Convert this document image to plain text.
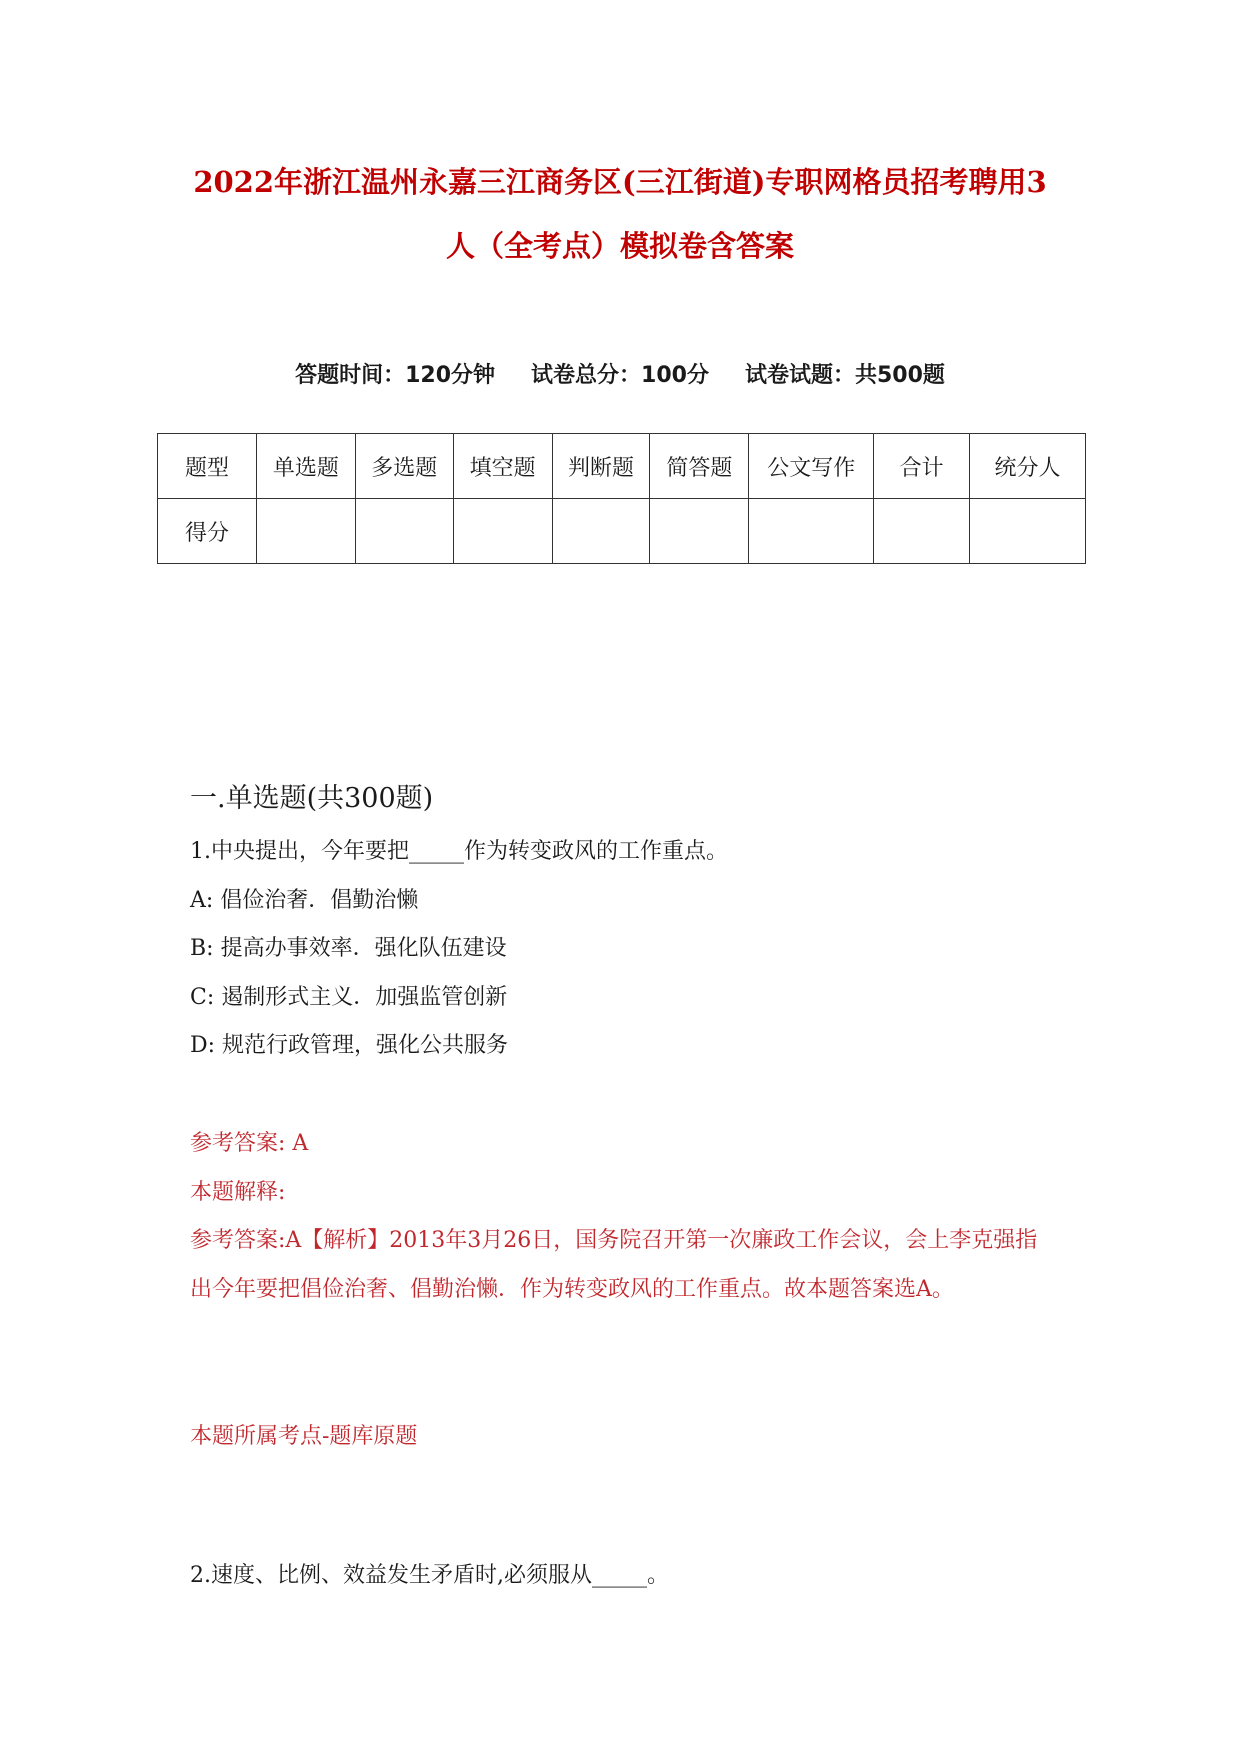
2022年浙江温州永嘉三江商务区(三江街道)专职网格员招考聘用3
人（全考点）模拟卷含答案
答题时间：120分钟 试卷总分：100分 试卷试题：共500题
题型	单选题	多选题	填空题	判断题	简答题	公文写作	合计	统分人
得分								
一.单选题(共300题)
1.中央提出，今年要把_____作为转变政风的工作重点。
A: 倡俭治奢．倡勤治懒
B: 提高办事效率．强化队伍建设
C: 遏制形式主义．加强监管创新
D: 规范行政管理，强化公共服务
参考答案: A
本题解释:
参考答案:A【解析】2013年3月26日，国务院召开第一次廉政工作会议，会上李克强指出今年要把倡俭治奢、倡勤治懒．作为转变政风的工作重点。故本题答案选A。
本题所属考点-题库原题
2.速度、比例、效益发生矛盾时,必须服从_____。
